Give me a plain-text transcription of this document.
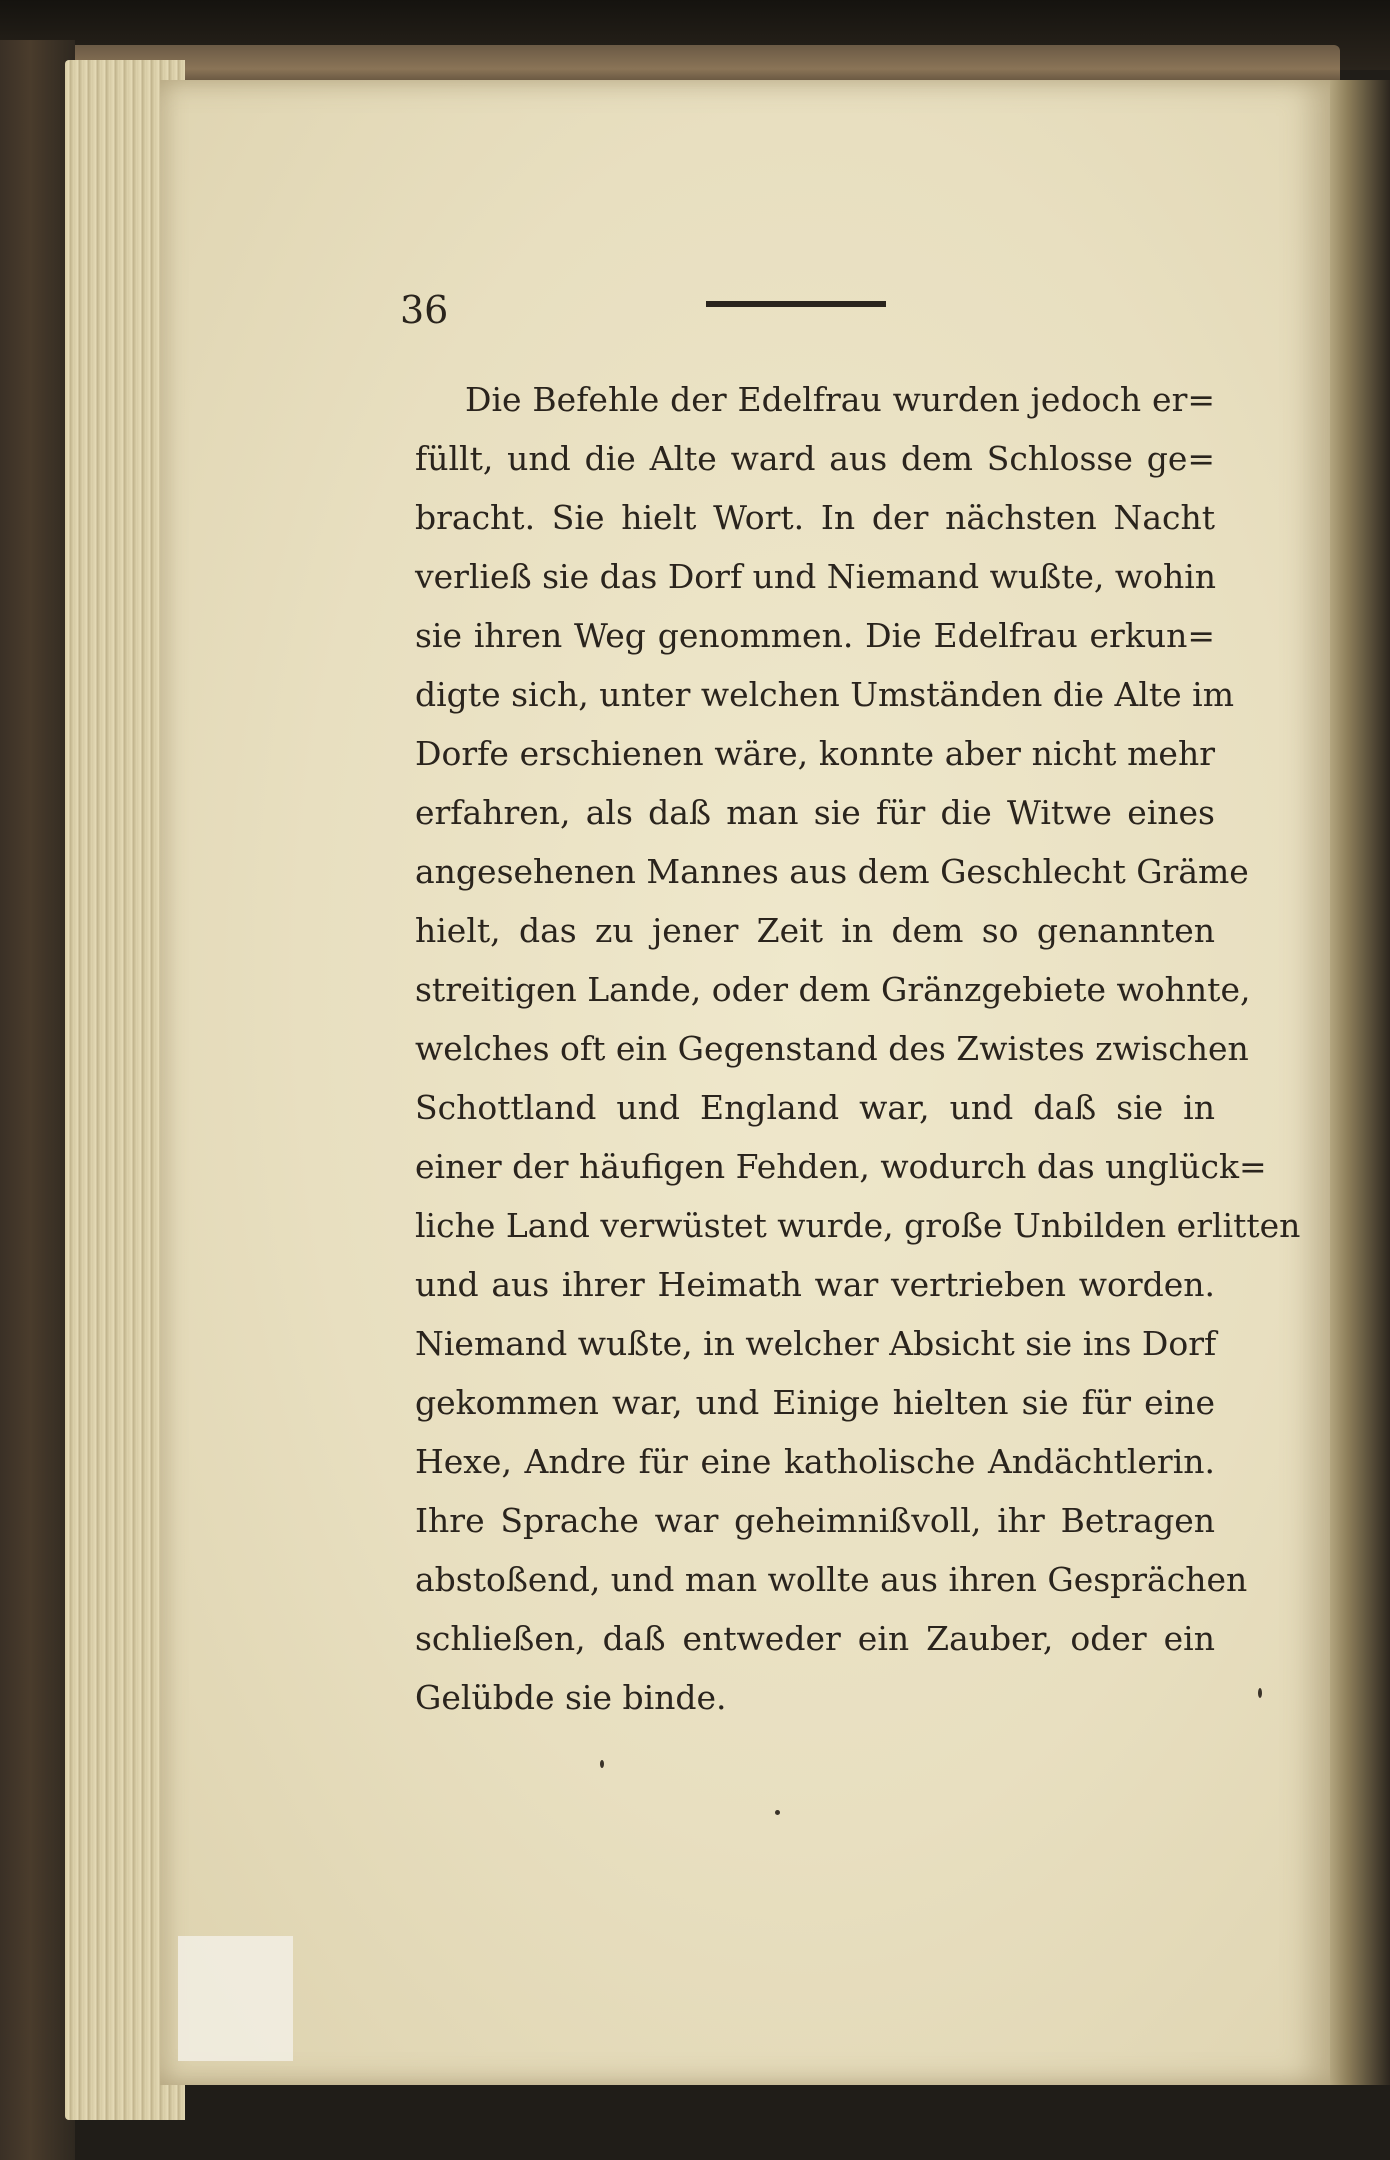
36
Die Befehle der Edelfrau wurden jedoch er=
füllt, und die Alte ward aus dem Schlosse ge=
bracht. Sie hielt Wort. In der nächsten Nacht
verließ sie das Dorf und Niemand wußte, wohin
sie ihren Weg genommen. Die Edelfrau erkun=
digte sich, unter welchen Umständen die Alte im
Dorfe erschienen wäre, konnte aber nicht mehr
erfahren, als daß man sie für die Witwe eines
angesehenen Mannes aus dem Geschlecht Gräme
hielt, das zu jener Zeit in dem so genannten
streitigen Lande, oder dem Gränzgebiete wohnte,
welches oft ein Gegenstand des Zwistes zwischen
Schottland und England war, und daß sie in
einer der häufigen Fehden, wodurch das unglück=
liche Land verwüstet wurde, große Unbilden erlitten
und aus ihrer Heimath war vertrieben worden.
Niemand wußte, in welcher Absicht sie ins Dorf
gekommen war, und Einige hielten sie für eine
Hexe, Andre für eine katholische Andächtlerin.
Ihre Sprache war geheimnißvoll, ihr Betragen
abstoßend, und man wollte aus ihren Gesprächen
schließen, daß entweder ein Zauber, oder ein
Gelübde sie binde.
